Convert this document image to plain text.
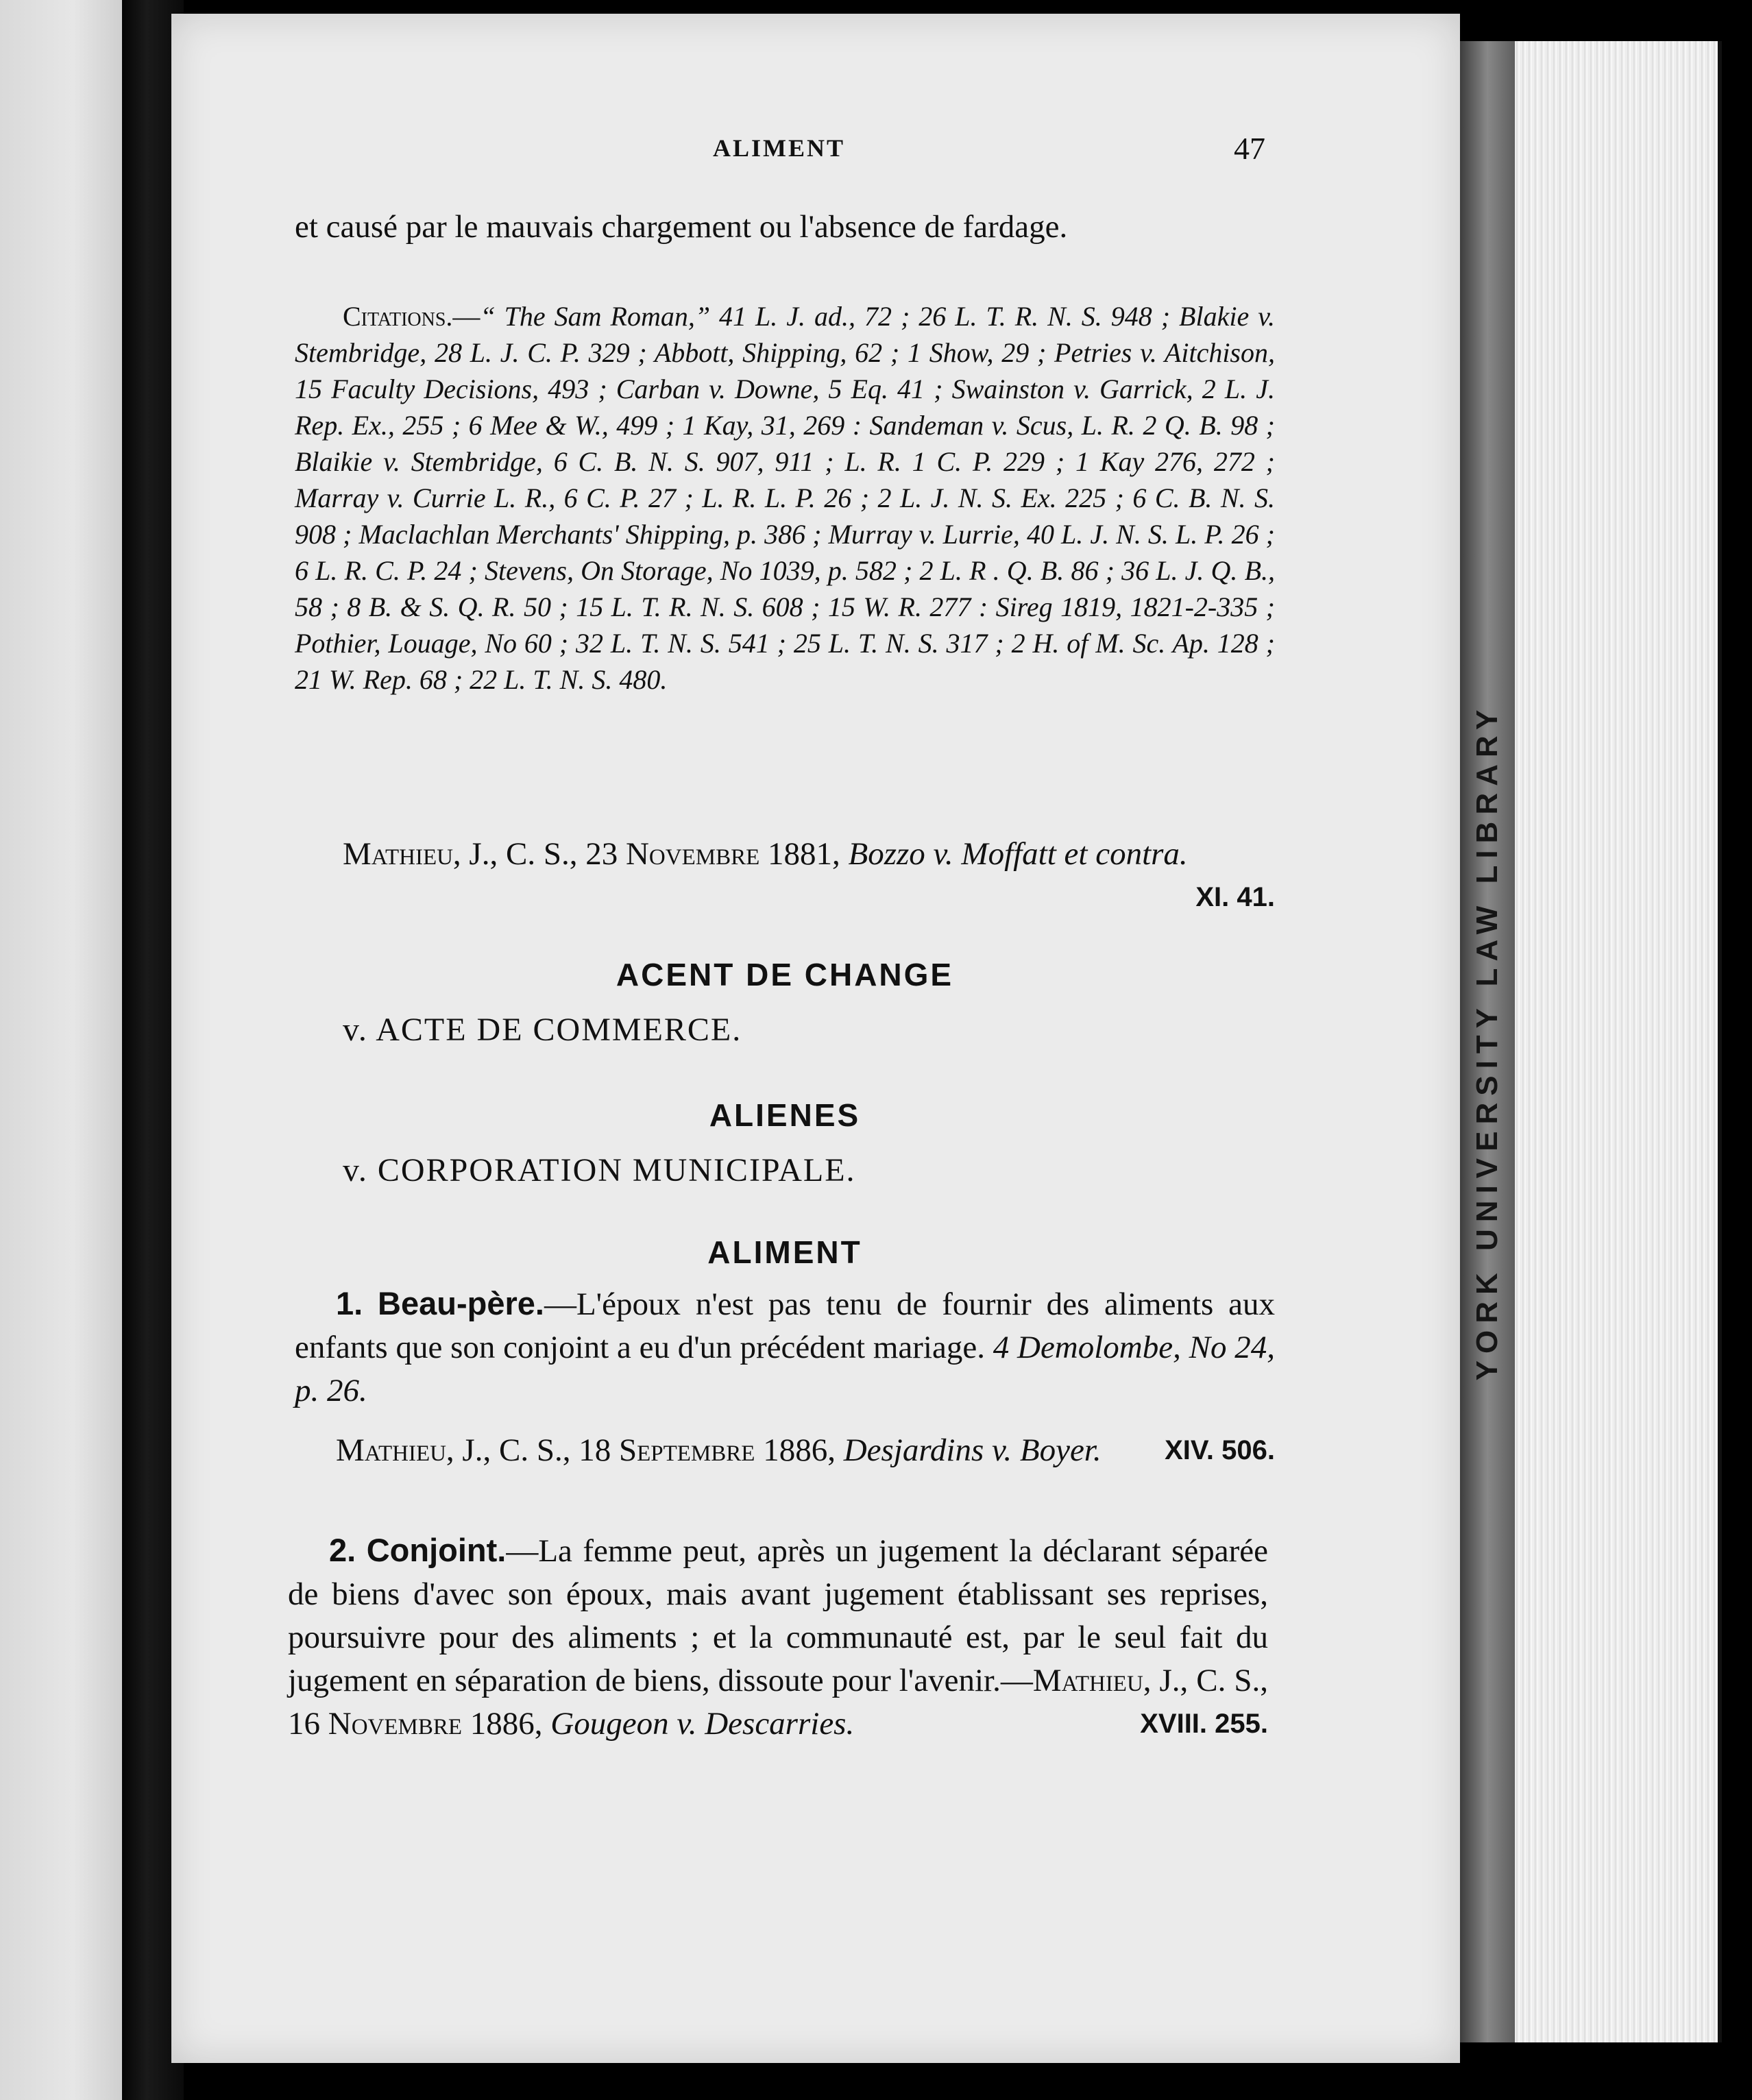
YORK UNIVERSITY LAW LIBRARY
ALIMENT	47
et causé par le mauvais chargement ou l'absence de fardage.
Citations.—“ The Sam Roman,” 41 L. J. ad., 72 ; 26 L. T. R. N. S. 948 ; Blakie v. Stembridge, 28 L. J. C. P. 329 ; Abbott, Shipping, 62 ; 1 Show, 29 ; Petries v. Aitchison, 15 Faculty Decisions, 493 ; Carban v. Downe, 5 Eq. 41 ; Swainston v. Garrick, 2 L. J. Rep. Ex., 255 ; 6 Mee & W., 499 ; 1 Kay, 31, 269 : Sandeman v. Scus, L. R. 2 Q. B. 98 ; Blaikie v. Stembridge, 6 C. B. N. S. 907, 911 ; L. R. 1 C. P. 229 ; 1 Kay 276, 272 ; Marray v. Currie L. R., 6 C. P. 27 ; L. R. L. P. 26 ; 2 L. J. N. S. Ex. 225 ; 6 C. B. N. S. 908 ; Maclachlan Merchants' Shipping, p. 386 ; Murray v. Lurrie, 40 L. J. N. S. L. P. 26 ; 6 L. R. C. P. 24 ; Stevens, On Storage, No 1039, p. 582 ; 2 L. R . Q. B. 86 ; 36 L. J. Q. B., 58 ; 8 B. & S. Q. R. 50 ; 15 L. T. R. N. S. 608 ; 15 W. R. 277 : Sireg 1819, 1821-2-335 ; Pothier, Louage, No 60 ; 32 L. T. N. S. 541 ; 25 L. T. N. S. 317 ; 2 H. of M. Sc. Ap. 128 ; 21 W. Rep. 68 ; 22 L. T. N. S. 480.
Mathieu, J., C. S., 23 Novembre 1881, Bozzo v. Moffatt et contra.
XI. 41.
ACENT DE CHANGE
v. ACTE DE COMMERCE.
ALIENES
v. CORPORATION MUNICIPALE.
ALIMENT
1. Beau-père.—L'époux n'est pas tenu de fournir des aliments aux enfants que son conjoint a eu d'un précédent mariage. 4 Demolombe, No 24, p. 26.
Mathieu, J., C. S., 18 Septembre 1886, Desjardins v. Boyer.	XIV. 506.
2. Conjoint.—La femme peut, après un jugement la déclarant séparée de biens d'avec son époux, mais avant jugement établissant ses reprises, poursuivre pour des aliments ; et la communauté est, par le seul fait du jugement en séparation de biens, dissoute pour l'avenir.—Mathieu, J., C. S., 16 Novembre 1886, Gougeon v. Descarries.	XVIII. 255.
